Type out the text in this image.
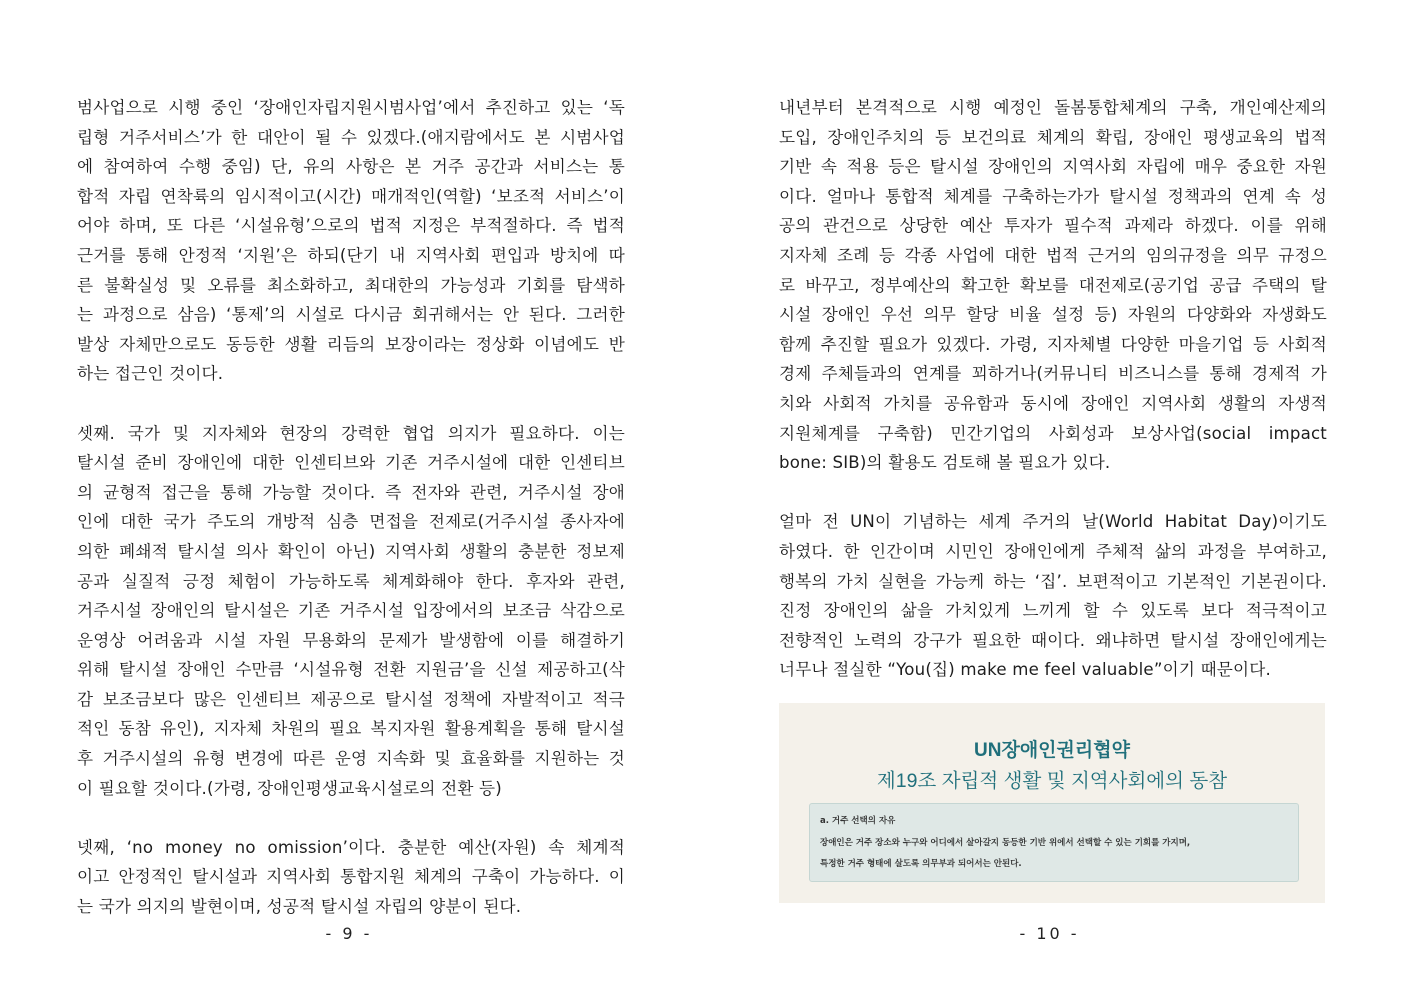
범사업으로 시행 중인 ‘장애인자립지원시범사업’에서 추진하고 있는 ‘독
립형 거주서비스’가 한 대안이 될 수 있겠다.(애지람에서도 본 시범사업
에 참여하여 수행 중임) 단, 유의 사항은 본 거주 공간과 서비스는 통
합적 자립 연착륙의 임시적이고(시간) 매개적인(역할) ‘보조적 서비스’이
어야 하며, 또 다른 ‘시설유형’으로의 법적 지정은 부적절하다. 즉 법적
근거를 통해 안정적 ‘지원’은 하되(단기 내 지역사회 편입과 방치에 따
른 불확실성 및 오류를 최소화하고, 최대한의 가능성과 기회를 탐색하
는 과정으로 삼음) ‘통제’의 시설로 다시금 회귀해서는 안 된다. 그러한
발상 자체만으로도 동등한 생활 리듬의 보장이라는 정상화 이념에도 반
하는 접근인 것이다.

셋째. 국가 및 지자체와 현장의 강력한 협업 의지가 필요하다. 이는
탈시설 준비 장애인에 대한 인센티브와 기존 거주시설에 대한 인센티브
의 균형적 접근을 통해 가능할 것이다. 즉 전자와 관련, 거주시설 장애
인에 대한 국가 주도의 개방적 심층 면접을 전제로(거주시설 종사자에
의한 폐쇄적 탈시설 의사 확인이 아닌) 지역사회 생활의 충분한 정보제
공과 실질적 긍정 체험이 가능하도록 체계화해야 한다. 후자와 관련,
거주시설 장애인의 탈시설은 기존 거주시설 입장에서의 보조금 삭감으로
운영상 어려움과 시설 자원 무용화의 문제가 발생함에 이를 해결하기
위해 탈시설 장애인 수만큼 ‘시설유형 전환 지원금’을 신설 제공하고(삭
감 보조금보다 많은 인센티브 제공으로 탈시설 정책에 자발적이고 적극
적인 동참 유인), 지자체 차원의 필요 복지자원 활용계획을 통해 탈시설
후 거주시설의 유형 변경에 따른 운영 지속화 및 효율화를 지원하는 것
이 필요할 것이다.(가령, 장애인평생교육시설로의 전환 등)

넷째, ‘no money no omission’이다. 충분한 예산(자원) 속 체계적
이고 안정적인 탈시설과 지역사회 통합지원 체계의 구축이 가능하다. 이
는 국가 의지의 발현이며, 성공적 탈시설 자립의 양분이 된다.

- 9 -

내년부터 본격적으로 시행 예정인 돌봄통합체계의 구축, 개인예산제의
도입, 장애인주치의 등 보건의료 체계의 확립, 장애인 평생교육의 법적
기반 속 적용 등은 탈시설 장애인의 지역사회 자립에 매우 중요한 자원
이다. 얼마나 통합적 체계를 구축하는가가 탈시설 정책과의 연계 속 성
공의 관건으로 상당한 예산 투자가 필수적 과제라 하겠다. 이를 위해
지자체 조례 등 각종 사업에 대한 법적 근거의 임의규정을 의무 규정으
로 바꾸고, 정부예산의 확고한 확보를 대전제로(공기업 공급 주택의 탈
시설 장애인 우선 의무 할당 비율 설정 등) 자원의 다양화와 자생화도
함께 추진할 필요가 있겠다. 가령, 지자체별 다양한 마을기업 등 사회적
경제 주체들과의 연계를 꾀하거나(커뮤니티 비즈니스를 통해 경제적 가
치와 사회적 가치를 공유함과 동시에 장애인 지역사회 생활의 자생적
지원체계를 구축함) 민간기업의 사회성과 보상사업(social impact
bone: SIB)의 활용도 검토해 볼 필요가 있다.

얼마 전 UN이 기념하는 세계 주거의 날(World Habitat Day)이기도
하였다. 한 인간이며 시민인 장애인에게 주체적 삶의 과정을 부여하고,
행복의 가치 실현을 가능케 하는 ‘집’. 보편적이고 기본적인 기본권이다.
진정 장애인의 삶을 가치있게 느끼게 할 수 있도록 보다 적극적이고
전향적인 노력의 강구가 필요한 때이다. 왜냐하면 탈시설 장애인에게는
너무나 절실한 “You(집) make me feel valuable”이기 때문이다.

UN장애인권리협약
제19조 자립적 생활 및 지역사회에의 동참
a. 거주 선택의 자유
장애인은 거주 장소와 누구와 어디에서 살아갈지 동등한 기반 위에서 선택할 수 있는 기회를 가지며,
특정한 거주 형태에 살도록 의무부과 되어서는 안된다.
- 10 -
